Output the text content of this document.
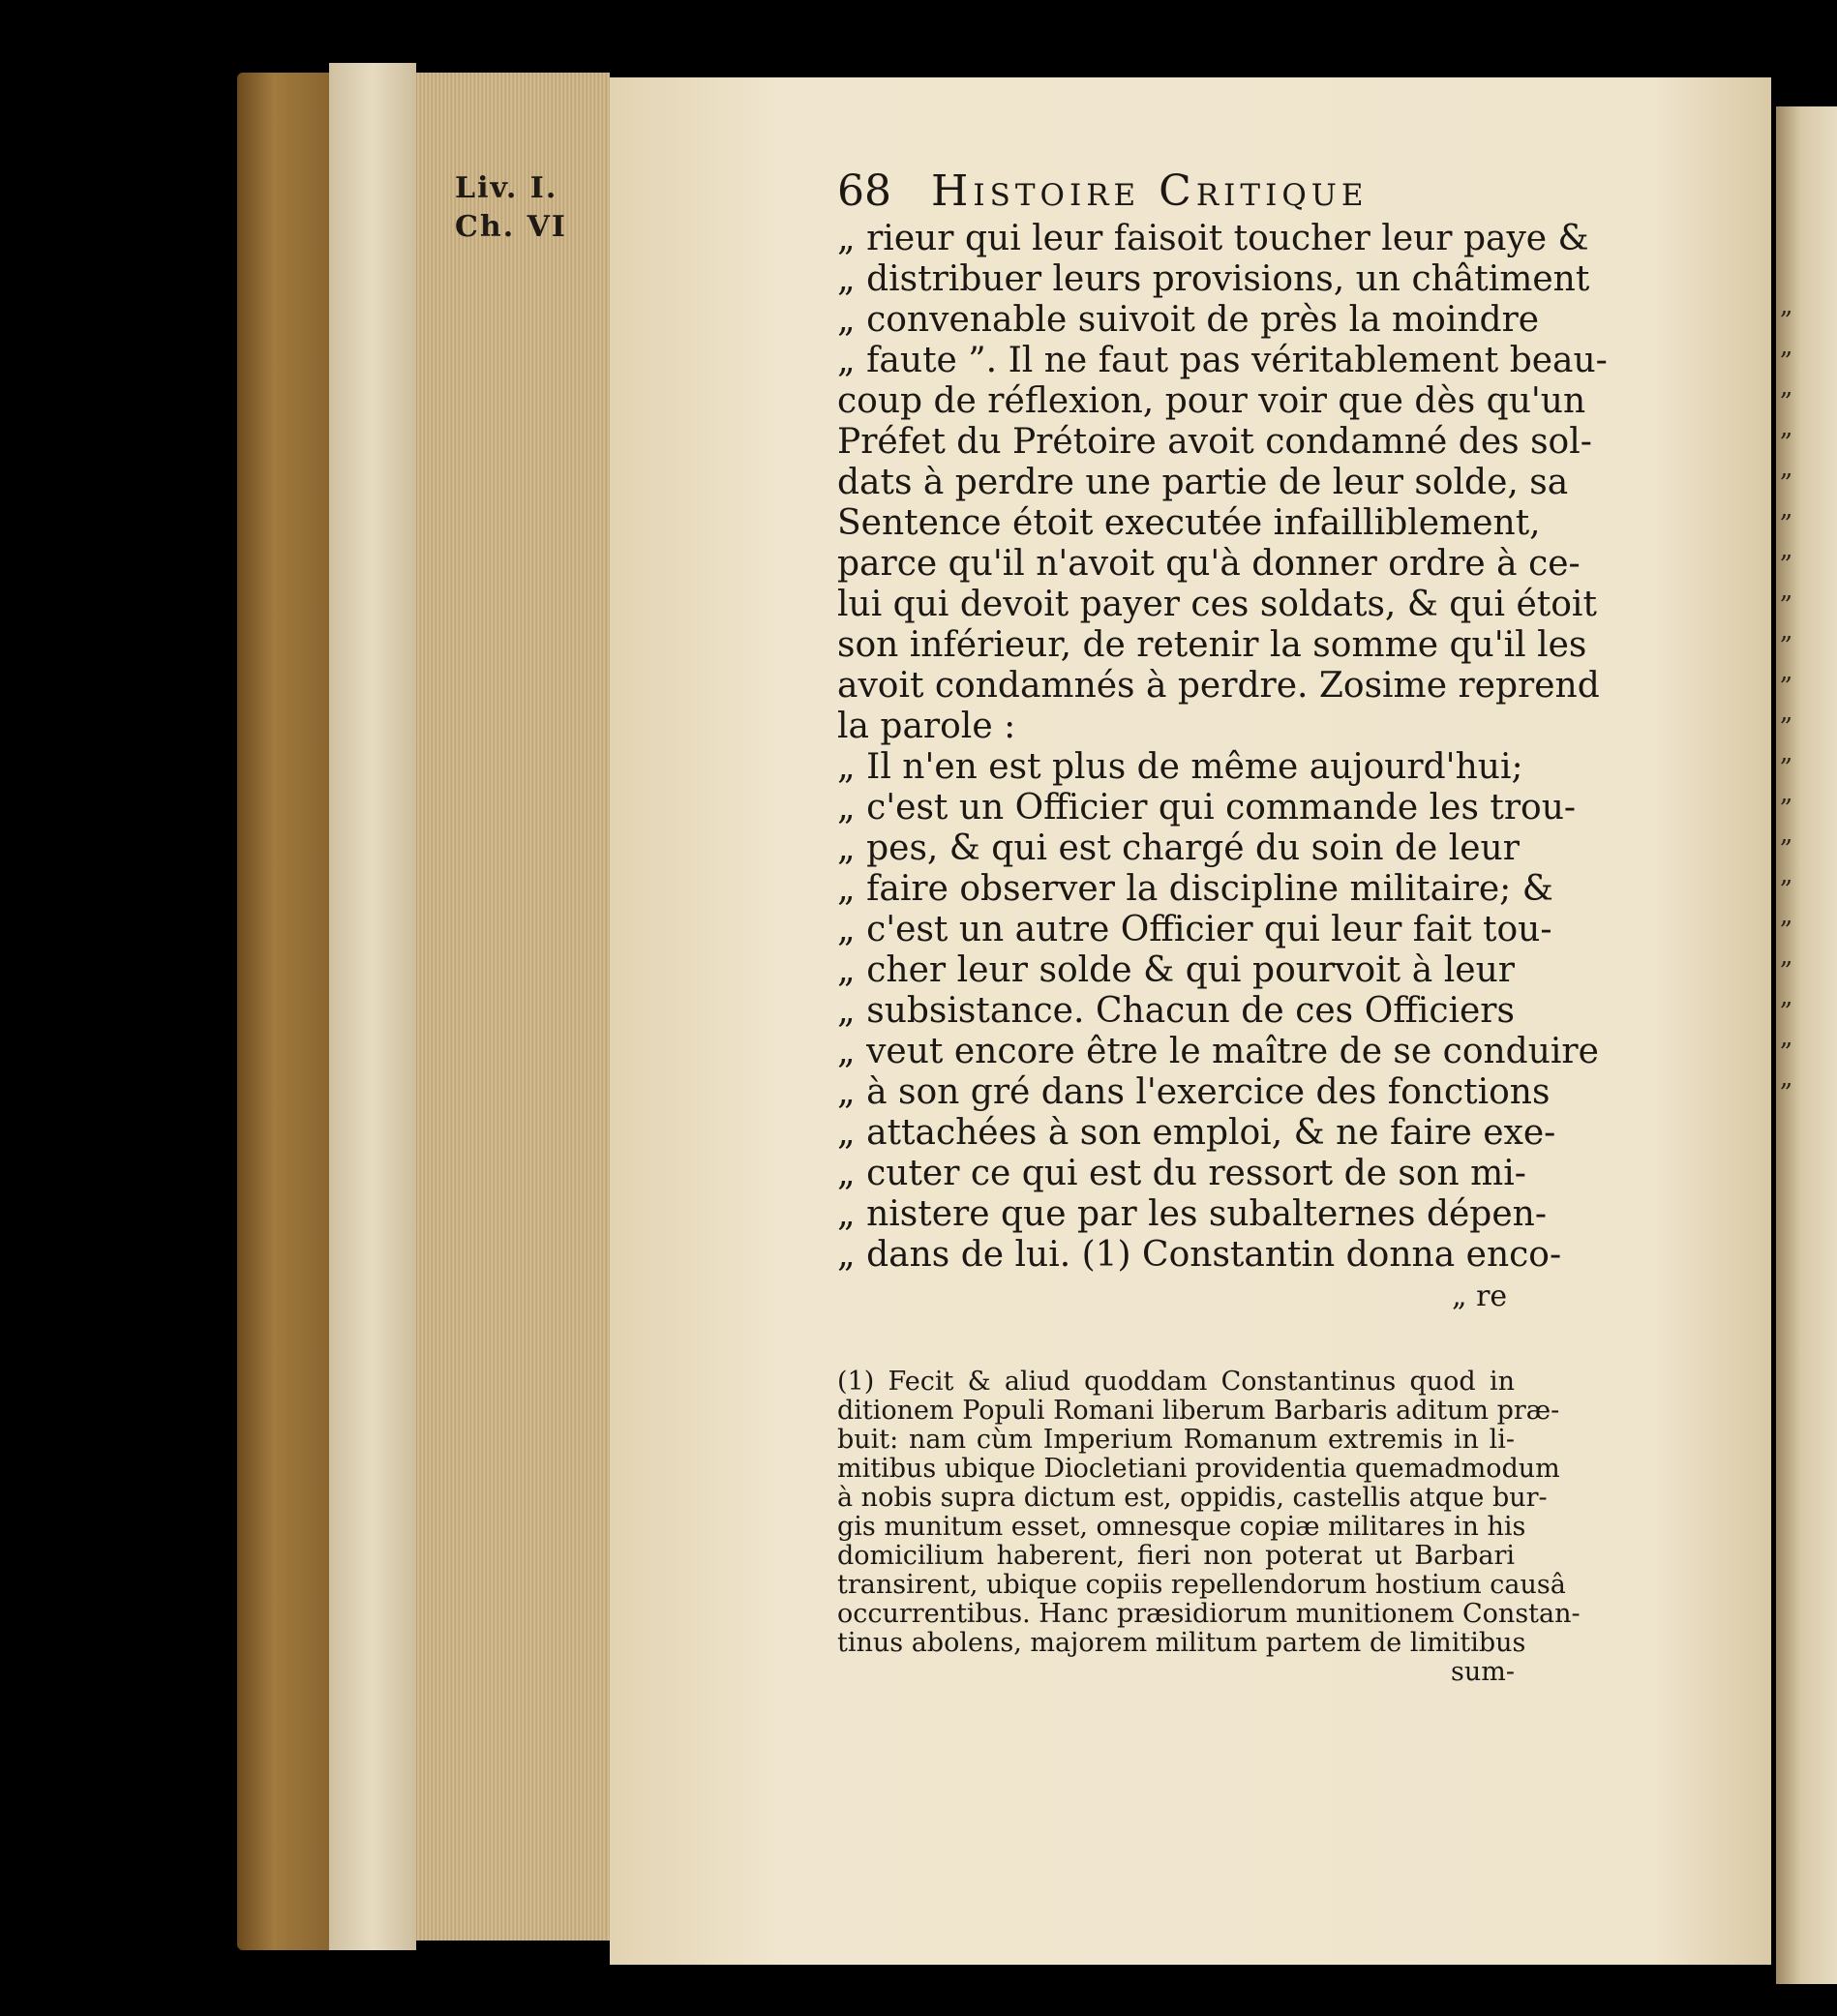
„
„
„
„
„
„
„
„
„
„
„
„
„
„
„
„
„
„
„
„
Liv. I.
Ch. VI
68 Histoire Critique
„ rieur qui leur faisoit toucher leur paye &
„ distribuer leurs provisions, un châtiment
„ convenable suivoit de près la moindre
„ faute ”. Il ne faut pas véritablement beau-
coup de réflexion, pour voir que dès qu'un
Préfet du Prétoire avoit condamné des sol-
dats à perdre une partie de leur solde, sa
Sentence étoit executée infailliblement,
parce qu'il n'avoit qu'à donner ordre à ce-
lui qui devoit payer ces soldats, & qui étoit
son inférieur, de retenir la somme qu'il les
avoit condamnés à perdre. Zosime reprend
la parole :
„ Il n'en est plus de même aujourd'hui;
„ c'est un Officier qui commande les trou-
„ pes, & qui est chargé du soin de leur
„ faire observer la discipline militaire; &
„ c'est un autre Officier qui leur fait tou-
„ cher leur solde & qui pourvoit à leur
„ subsistance. Chacun de ces Officiers
„ veut encore être le maître de se conduire
„ à son gré dans l'exercice des fonctions
„ attachées à son emploi, & ne faire exe-
„ cuter ce qui est du ressort de son mi-
„ nistere que par les subalternes dépen-
„ dans de lui. (1) Constantin donna enco-
„ re
(1) Fecit & aliud quoddam Constantinus quod in
ditionem Populi Romani liberum Barbaris aditum præ-
buit: nam cùm Imperium Romanum extremis in li-
mitibus ubique Diocletiani providentia quemadmodum
à nobis supra dictum est, oppidis, castellis atque bur-
gis munitum esset, omnesque copiæ militares in his
domicilium haberent, fieri non poterat ut Barbari
transirent, ubique copiis repellendorum hostium causâ
occurrentibus. Hanc præsidiorum munitionem Constan-
tinus abolens, majorem militum partem de limitibus
sum-
